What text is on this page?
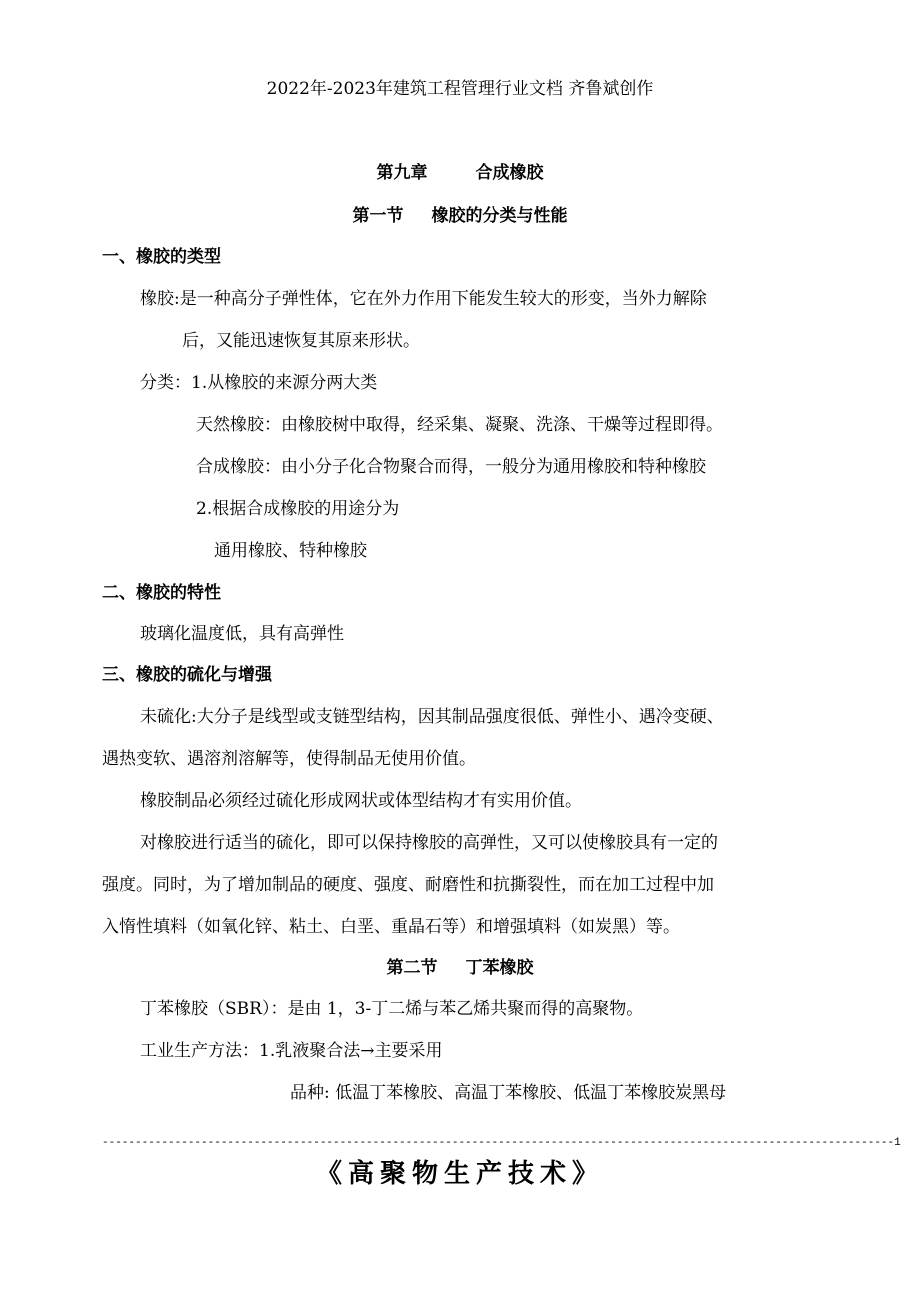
2022年-2023年建筑工程管理行业文档 齐鲁斌创作
第九章	合成橡胶
第一节 橡胶的分类与性能
一、橡胶的类型
橡胶:是一种高分子弹性体，它在外力作用下能发生较大的形变，当外力解除
后，又能迅速恢复其原来形状。
分类：1.从橡胶的来源分两大类
天然橡胶：由橡胶树中取得，经采集、凝聚、洗涤、干燥等过程即得。
合成橡胶：由小分子化合物聚合而得，一般分为通用橡胶和特种橡胶
2.根据合成橡胶的用途分为
通用橡胶、特种橡胶
二、橡胶的特性
玻璃化温度低，具有高弹性
三、橡胶的硫化与增强
未硫化:大分子是线型或支链型结构，因其制品强度很低、弹性小、遇冷变硬、
遇热变软、遇溶剂溶解等，使得制品无使用价值。
橡胶制品必须经过硫化形成网状或体型结构才有实用价值。
对橡胶进行适当的硫化，即可以保持橡胶的高弹性，又可以使橡胶具有一定的
强度。同时，为了增加制品的硬度、强度、耐磨性和抗撕裂性，而在加工过程中加
入惰性填料（如氧化锌、粘土、白垩、重晶石等）和增强填料（如炭黑）等。
第二节 丁苯橡胶
丁苯橡胶（SBR）：是由 1，3-丁二烯与苯乙烯共聚而得的高聚物。
工业生产方法：1.乳液聚合法→主要采用
品种: 低温丁苯橡胶、高温丁苯橡胶、低温丁苯橡胶炭黑母
------------------------------------------------------------------------------------------------------------------------1
《高聚物生产技术》
